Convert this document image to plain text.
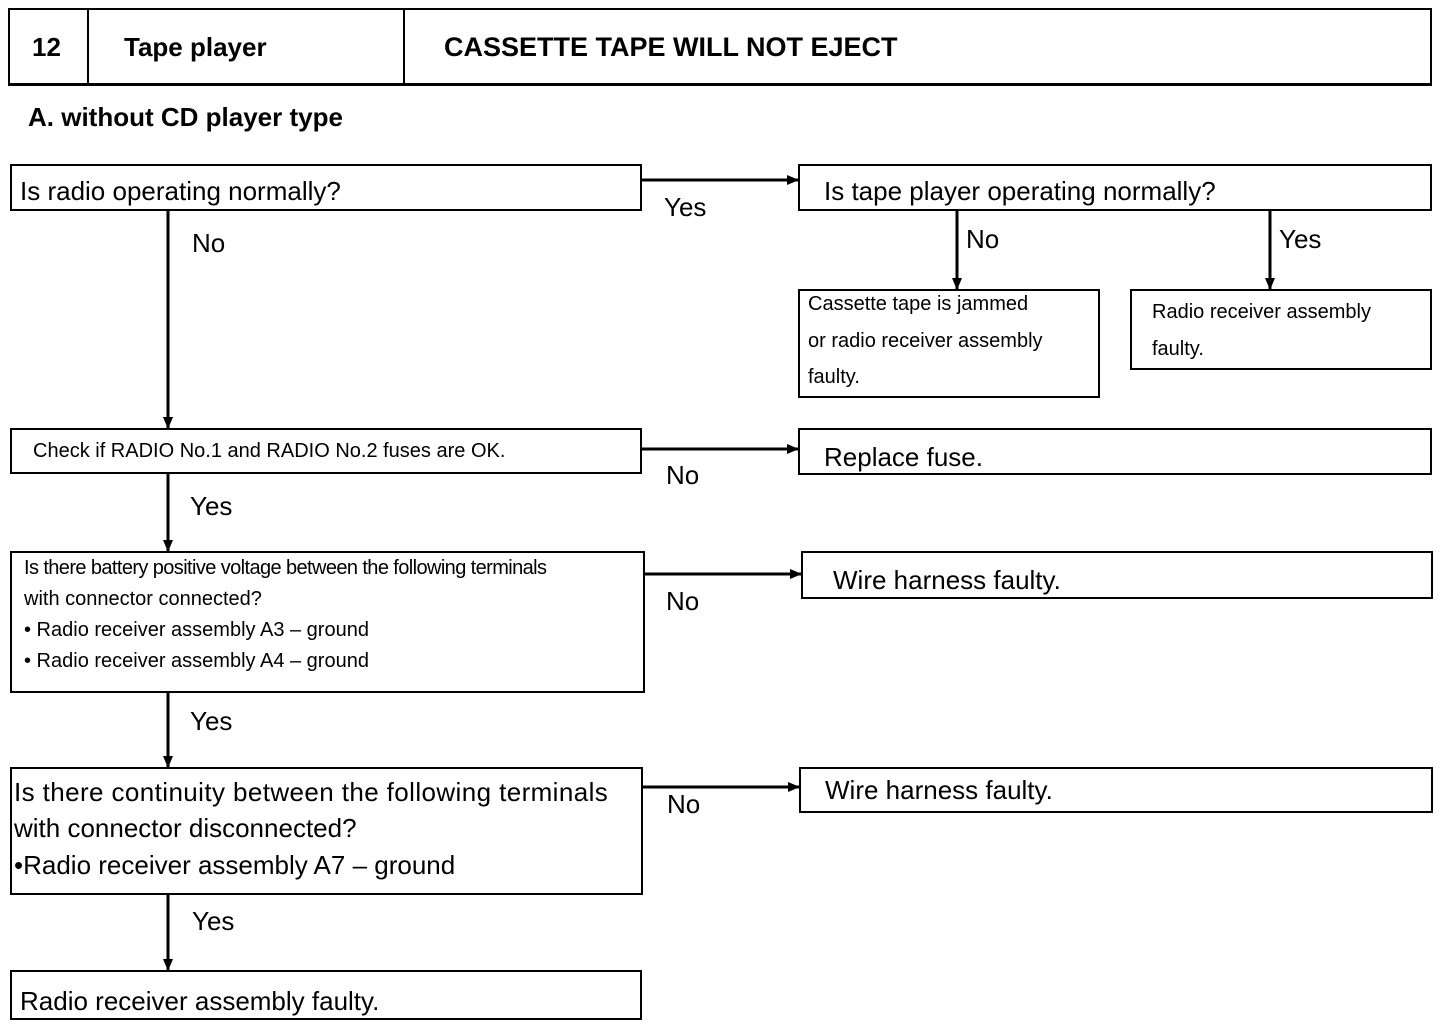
12 Tape player	CASSETTE TAPE WILL NOT EJECT
A. without CD player type
Is radio operating normally?	Is tape player operating normally?
Cassette tape is jammed
or radio receiver assembly
faulty.
Radio receiver assembly
faulty.
Check if RADIO No.1 and RADIO No.2 fuses are OK.	Replace fuse.
Is there battery positive voltage between the following terminals
with connector connected?
• Radio receiver assembly A3 – ground
• Radio receiver assembly A4 – ground
Wire harness faulty.
Is there continuity between the following terminals
with connector disconnected?
•Radio receiver assembly A7 – ground
Wire harness faulty.
Radio receiver assembly faulty.
Yes
No	No	Yes
No
Yes
No
Yes
No
Yes
